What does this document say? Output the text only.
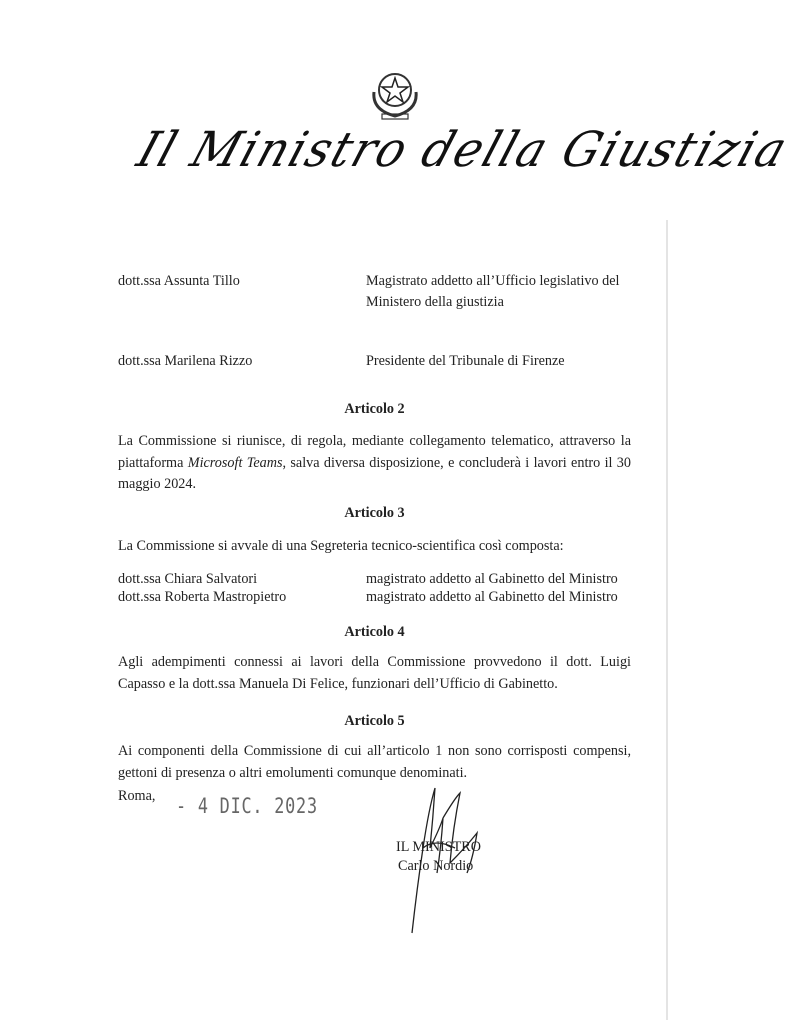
Il Ministro della Giustizia
dott.ssa Assunta Tillo	Magistrato addetto all’Ufficio legislativo del
Ministero della giustizia
dott.ssa Marilena Rizzo	Presidente del Tribunale di Firenze
Articolo 2
La Commissione si riunisce, di regola, mediante collegamento telematico, attraverso la piattaforma Microsoft Teams, salva diversa disposizione, e concluderà i lavori entro il 30 maggio 2024.
Articolo 3
La Commissione si avvale di una Segreteria tecnico-scientifica così composta:
dott.ssa Chiara Salvatori	magistrato addetto al Gabinetto del Ministro
dott.ssa Roberta Mastropietro	magistrato addetto al Gabinetto del Ministro
Articolo 4
Agli adempimenti connessi ai lavori della Commissione provvedono il dott. Luigi Capasso e la dott.ssa Manuela Di Felice, funzionari dell’Ufficio di Gabinetto.
Articolo 5
Ai componenti della Commissione di cui all’articolo 1 non sono corrisposti compensi, gettoni di presenza o altri emolumenti comunque denominati.
Roma, - 4 DIC. 2023
IL MINISTRO
Carlo Nordio
